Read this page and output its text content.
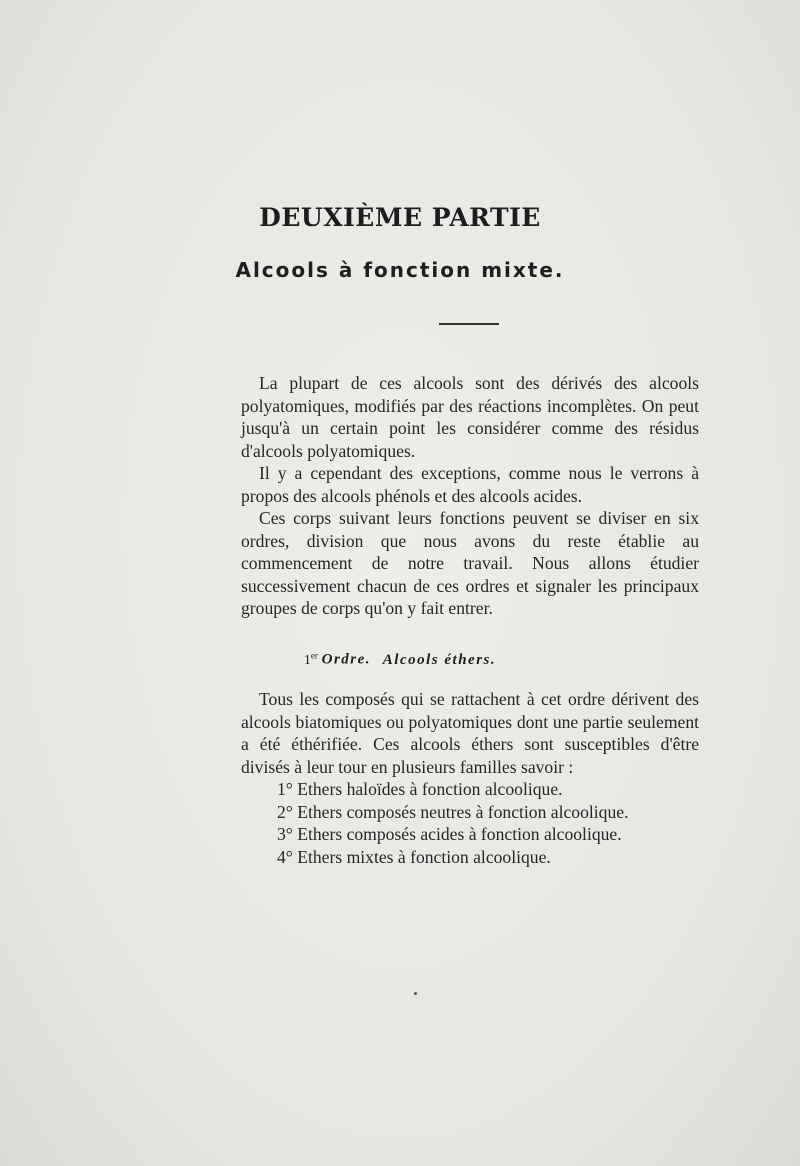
DEUXIÈME PARTIE
Alcools à fonction mixte.

La plupart de ces alcools sont des dérivés des alcools polyatomiques, modifiés par des réactions incomplètes. On peut jusqu'à un certain point les considérer comme des résidus d'alcools polyatomiques.

Il y a cependant des exceptions, comme nous le verrons à propos des alcools phénols et des alcools acides.

Ces corps suivant leurs fonctions peuvent se diviser en six ordres, division que nous avons du reste établie au commencement de notre travail. Nous allons étudier successivement chacun de ces ordres et signaler les principaux groupes de corps qu'on y fait entrer.

1er Ordre. Alcools éthers.

Tous les composés qui se rattachent à cet ordre dérivent des alcools biatomiques ou polyatomiques dont une partie seulement a été éthérifiée. Ces alcools éthers sont susceptibles d'être divisés à leur tour en plusieurs familles savoir :

1° Ethers haloïdes à fonction alcoolique.

2° Ethers composés neutres à fonction alcoolique.

3° Ethers composés acides à fonction alcoolique.

4° Ethers mixtes à fonction alcoolique.
